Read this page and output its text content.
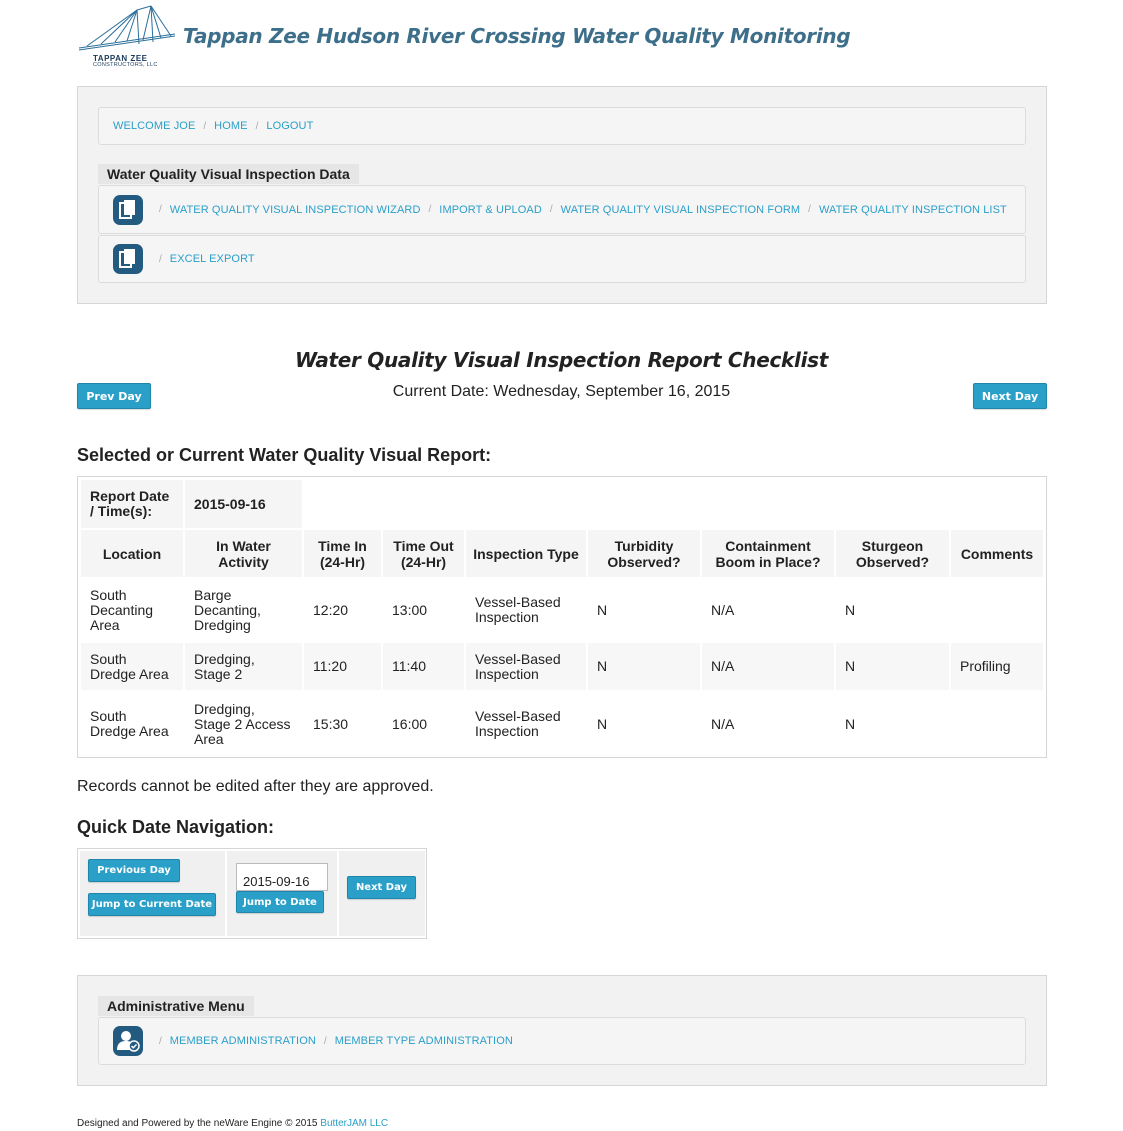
TAPPAN ZEE
CONSTRUCTORS, LLC
Tappan Zee Hudson River Crossing Water Quality Monitoring
WELCOME JOE / HOME / LOGOUT
Water Quality Visual Inspection Data
/ WATER QUALITY VISUAL INSPECTION WIZARD / IMPORT & UPLOAD / WATER QUALITY VISUAL INSPECTION FORM / WATER QUALITY INSPECTION LIST
/ EXCEL EXPORT
Water Quality Visual Inspection Report Checklist
Current Date: Wednesday, September 16, 2015
Prev Day	Next Day
Selected or Current Water Quality Visual Report:
Report Date / Time(s):	2015-09-16							
Location	In Water Activity	Time In (24-Hr)	Time Out (24-Hr)	Inspection Type	Turbidity Observed?	Containment Boom in Place?	Sturgeon Observed?	Comments
South Decanting Area	Barge Decanting, Dredging	12:20	13:00	Vessel-Based Inspection	N	N/A	N	
South Dredge Area	Dredging, Stage 2	11:20	11:40	Vessel-Based Inspection	N	N/A	N	Profiling
South Dredge Area	Dredging, Stage 2 Access Area	15:30	16:00	Vessel-Based Inspection	N	N/A	N	
Records cannot be edited after they are approved.
Quick Date Navigation:
Previous Day
Jump to Current Date
2015-09-16	Jump to Date
Next Day
Administrative Menu
/ MEMBER ADMINISTRATION / MEMBER TYPE ADMINISTRATION
Designed and Powered by the neWare Engine © 2015 ButterJAM LLC
